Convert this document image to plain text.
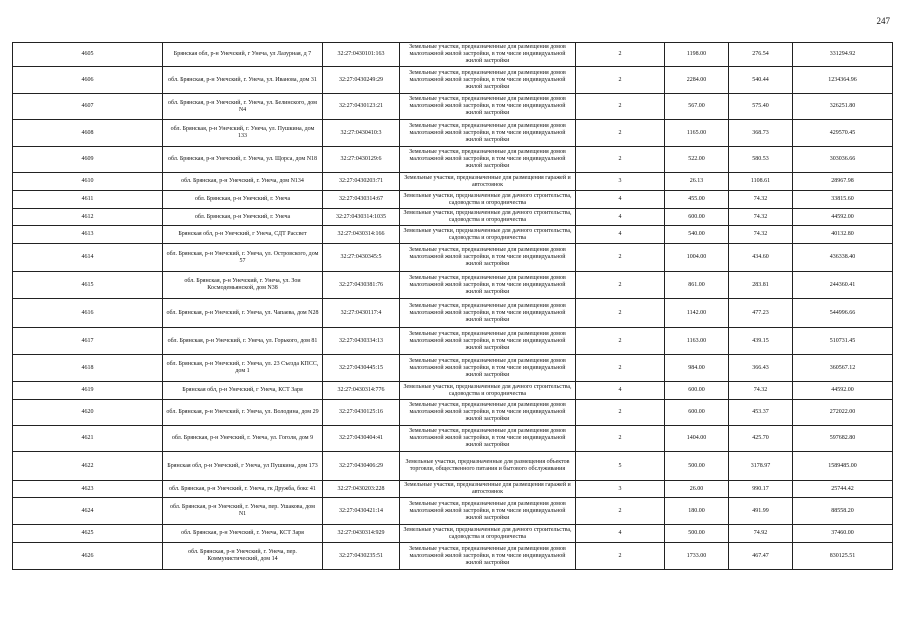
247
4605	Брянская обл, р-н Унечский, г Унеча, ул Лазурная, д 7	32:27:0430101:163	Земельные участки, предназначенные для размещения домов малоэтажной жилой застройки, в том числе индивидуальной жилой застройки	2	1198.00	276.54	331294.92
4606	обл. Брянская, р-н Унечский, г. Унеча, ул. Иванова, дом 31	32:27:0430249:29	Земельные участки, предназначенные для размещения домов малоэтажной жилой застройки, в том числе индивидуальной жилой застройки	2	2284.00	540.44	1234364.96
4607	обл. Брянская, р-н Унечский, г. Унеча, ул. Белинского, дом N4	32:27:0430123:21	Земельные участки, предназначенные для размещения домов малоэтажной жилой застройки, в том числе индивидуальной жилой застройки	2	567.00	575.40	326251.80
4608	обл. Брянская, р-н Унечский, г. Унеча, ул. Пушкина, дом 133	32:27:0430410:3	Земельные участки, предназначенные для размещения домов малоэтажной жилой застройки, в том числе индивидуальной жилой застройки	2	1165.00	368.73	429570.45
4609	обл. Брянская, р-н Унечский, г. Унеча, ул. Щорса, дом N18	32:27:0430129:6	Земельные участки, предназначенные для размещения домов малоэтажной жилой застройки, в том числе индивидуальной жилой застройки	2	522.00	580.53	303036.66
4610	обл. Брянская, р-н Унечский, г. Унеча, дом N134	32:27:0430203:71	Земельные участки, предназначенные для размещения гаражей и автостоянок	3	26.13	1108.61	28967.98
4611	обл. Брянская, р-н Унечский, г. Унеча	32:27:0430314:67	Земельные участки, предназначенные для дачного строительства, садоводства и огородничества	4	455.00	74.32	33815.60
4612	обл. Брянская, р-н Унечский, г. Унеча	32:27:0430314:1035	Земельные участки, предназначенные для дачного строительства, садоводства и огородничества	4	600.00	74.32	44592.00
4613	Брянская обл, р-н Унечский, г Унеча, СДТ Рассвет	32:27:0430314:166	Земельные участки, предназначенные для дачного строительства, садоводства и огородничества	4	540.00	74.32	40132.80
4614	обл. Брянская, р-н Унечский, г. Унеча, ул. Островского, дом 57	32:27:0430345:5	Земельные участки, предназначенные для размещения домов малоэтажной жилой застройки, в том числе индивидуальной жилой застройки	2	1004.00	434.60	436338.40
4615	обл. Брянская, р-н Унечский, г. Унеча, ул. Зои Космодемьянской, дом N38	32:27:0430381:76	Земельные участки, предназначенные для размещения домов малоэтажной жилой застройки, в том числе индивидуальной жилой застройки	2	861.00	283.81	244360.41
4616	обл. Брянская, р-н Унечский, г. Унеча, ул. Чапаева, дом N28	32:27:0430117:4	Земельные участки, предназначенные для размещения домов малоэтажной жилой застройки, в том числе индивидуальной жилой застройки	2	1142.00	477.23	544996.66
4617	обл. Брянская, р-н Унечский, г. Унеча, ул. Горького, дом 81	32:27:0430334:13	Земельные участки, предназначенные для размещения домов малоэтажной жилой застройки, в том числе индивидуальной жилой застройки	2	1163.00	439.15	510731.45
4618	обл. Брянская, р-н Унечский, г. Унеча, ул. 23 Съезда КПСС, дом 1	32:27:0430445:15	Земельные участки, предназначенные для размещения домов малоэтажной жилой застройки, в том числе индивидуальной жилой застройки	2	984.00	366.43	360567.12
4619	Брянская обл, р-н Унечский, г Унеча, КСТ Заря	32:27:0430314:776	Земельные участки, предназначенные для дачного строительства, садоводства и огородничества	4	600.00	74.32	44592.00
4620	обл. Брянская, р-н Унечский, г. Унеча, ул. Володина, дом 29	32:27:0430125:16	Земельные участки, предназначенные для размещения домов малоэтажной жилой застройки, в том числе индивидуальной жилой застройки	2	600.00	453.37	272022.00
4621	обл. Брянская, р-н Унечский, г. Унеча, ул. Гоголя, дом 9	32:27:0430404:41	Земельные участки, предназначенные для размещения домов малоэтажной жилой застройки, в том числе индивидуальной жилой застройки	2	1404.00	425.70	597682.80
4622	Брянская обл, р-н Унечский, г Унеча, ул Пушкина, дом 173	32:27:0430406:29	Земельные участки, предназначенные для размещения объектов торговли, общественного питания и бытового обслуживания	5	500.00	3178.97	1589485.00
4623	обл. Брянская, р-н Унечский, г. Унеча, гк Дружба, бокс 41	32:27:0430203:228	Земельные участки, предназначенные для размещения гаражей и автостоянок	3	26.00	990.17	25744.42
4624	обл. Брянская, р-н Унечский, г. Унеча, пер. Ушакова, дом N1	32:27:0430421:14	Земельные участки, предназначенные для размещения домов малоэтажной жилой застройки, в том числе индивидуальной жилой застройки	2	180.00	491.99	88558.20
4625	обл. Брянская, р-н Унечский, г. Унеча, КСТ Заря	32:27:0430314:929	Земельные участки, предназначенные для дачного строительства, садоводства и огородничества	4	500.00	74.92	37460.00
4626	обл. Брянская, р-н Унечский, г. Унеча, пер. Коммунистический, дом 14	32:27:0430235:51	Земельные участки, предназначенные для размещения домов малоэтажной жилой застройки, в том числе индивидуальной жилой застройки	2	1733.00	467.47	830125.51
